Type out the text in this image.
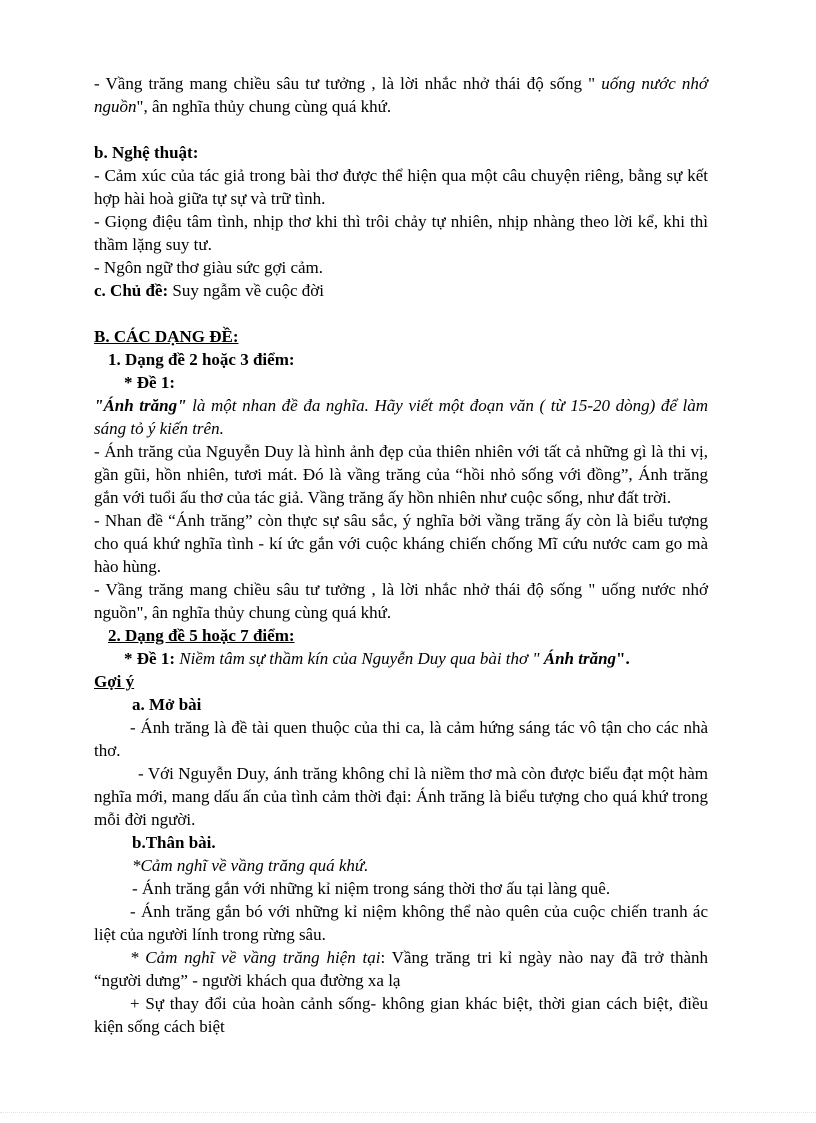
- Vầng trăng mang chiều sâu tư tưởng , là lời nhắc nhở thái độ sống " uống nước nhớ nguồn", ân nghĩa thủy chung cùng quá khứ.

b. Nghệ thuật:

- Cảm xúc của tác giả trong bài thơ được thể hiện qua một câu chuyện riêng, bằng sự kết hợp hài hoà giữa tự sự và trữ tình.

- Giọng điệu tâm tình, nhịp thơ khi thì trôi chảy tự nhiên, nhịp nhàng theo lời kể, khi thì thầm lặng suy tư.

- Ngôn ngữ thơ giàu sức gợi cảm.

c. Chủ đề: Suy ngẫm về cuộc đời

B. CÁC DẠNG ĐỀ:

1. Dạng đề 2 hoặc 3 điểm:

* Đề 1:

"Ánh trăng" là một nhan đề đa nghĩa. Hãy viết một đoạn văn ( từ 15-20 dòng) để làm sáng tỏ ý kiến trên.

- Ánh trăng của Nguyễn Duy là hình ảnh đẹp của thiên nhiên với tất cả những gì là thi vị, gần gũi, hồn nhiên, tươi mát. Đó là vầng trăng của “hồi nhỏ sống với đồng”, Ánh trăng gắn với tuổi ấu thơ của tác giả. Vầng trăng ấy hồn nhiên như cuộc sống, như đất trời.

- Nhan đề “Ánh trăng” còn thực sự sâu sắc, ý nghĩa bởi vầng trăng ấy còn là biểu tượng cho quá khứ nghĩa tình - kí ức gắn với cuộc kháng chiến chống Mĩ cứu nước cam go mà hào hùng.

- Vầng trăng mang chiều sâu tư tưởng , là lời nhắc nhở thái độ sống " uống nước nhớ nguồn", ân nghĩa thủy chung cùng quá khứ.

2. Dạng đề 5 hoặc 7 điểm:

* Đề 1: Niềm tâm sự thầm kín của Nguyễn Duy qua bài thơ " Ánh trăng".

Gợi ý

a. Mở bài

- Ánh trăng là đề tài quen thuộc của thi ca, là cảm hứng sáng tác vô tận cho các nhà thơ.

- Với Nguyễn Duy, ánh trăng không chỉ là niềm thơ mà còn được biểu đạt một hàm nghĩa mới, mang dấu ấn của tình cảm thời đại: Ánh trăng là biểu tượng cho quá khứ trong mỗi đời người.

b.Thân bài.

*Cảm nghĩ về vầng trăng quá khứ.

- Ánh trăng gắn với những kỉ niệm trong sáng thời thơ ấu tại làng quê.

- Ánh trăng gắn bó với những kỉ niệm không thể nào quên của cuộc chiến tranh ác liệt của người lính trong rừng sâu.

* Cảm nghĩ về vầng trăng hiện tại: Vầng trăng tri kỉ ngày nào nay đã trở thành “người dưng” - người khách qua đường xa lạ

+ Sự thay đổi của hoàn cảnh sống- không gian khác biệt, thời gian cách biệt, điều kiện sống cách biệt
